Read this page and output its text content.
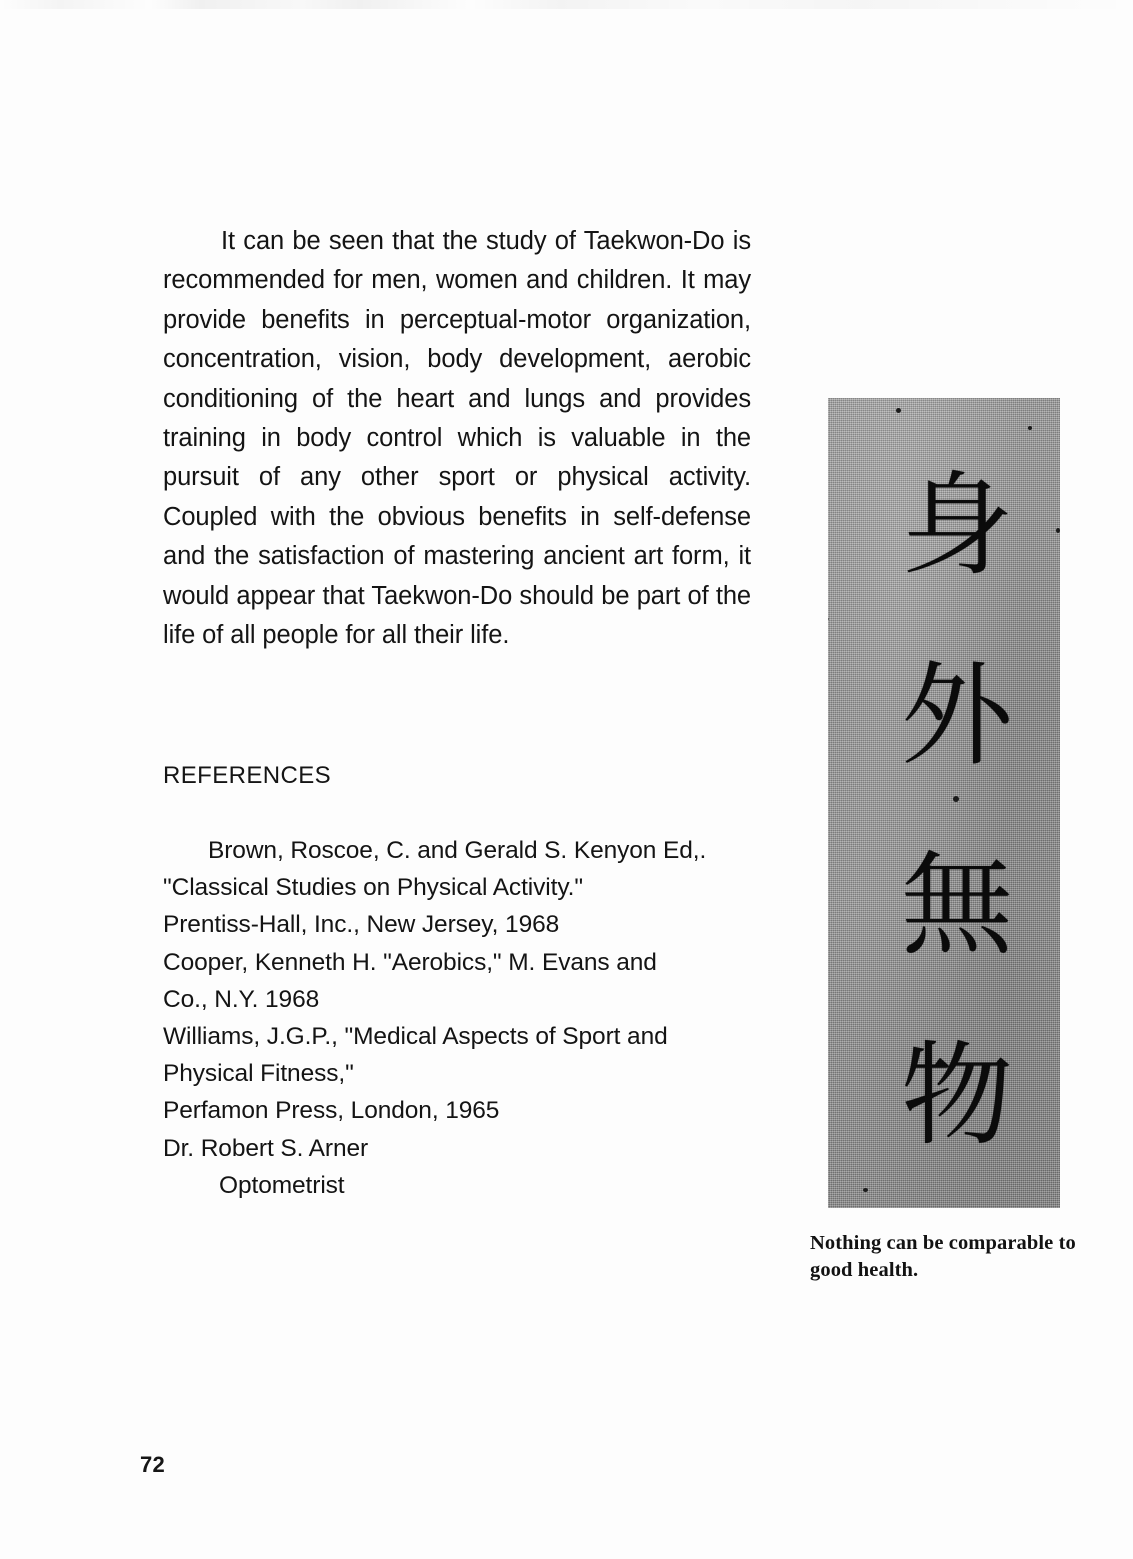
It can be seen that the study of Taekwon-Do is recommended for men, women and children. It may provide benefits in perceptual-motor organization, concentration, vision, body development, aerobic conditioning of the heart and lungs and provides training in body control which is valuable in the pursuit of any other sport or physical activity. Coupled with the obvious benefits in self-defense and the satisfaction of mastering ancient art form, it would appear that Taekwon-Do should be part of the life of all people for all their life.

REFERENCES

Brown, Roscoe, C. and Gerald S. Kenyon Ed,.

"Classical Studies on Physical Activity."

Prentiss-Hall, Inc., New Jersey, 1968

Cooper, Kenneth H. "Aerobics," M. Evans and

Co., N.Y. 1968

Williams, J.G.P., "Medical Aspects of Sport and

Physical Fitness,"

Perfamon Press, London, 1965

Dr. Robert S. Arner

Optometrist

身
外
無
物
Nothing can be comparable to good health.
72
